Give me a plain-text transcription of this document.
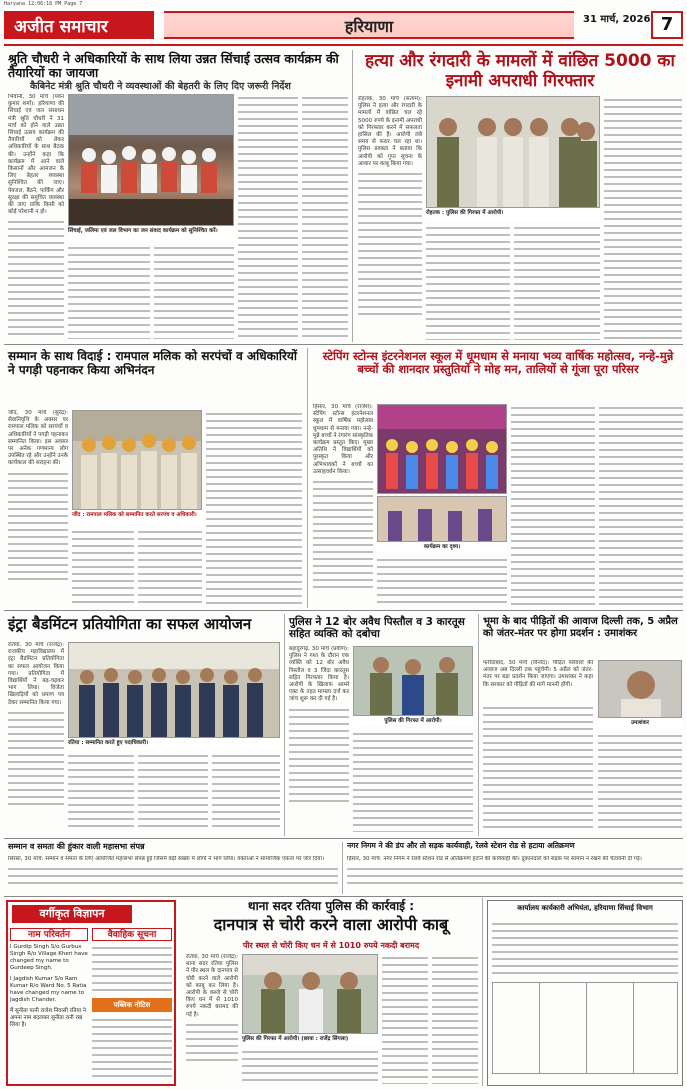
Haryana 12:06:18 PM Page 7
अजीत समाचार	हरियाणा	31 मार्च, 2026 7
श्रुति चौधरी ने अधिकारियों के साथ लिया उन्नत सिंचाई उत्सव कार्यक्रम की तैयारियों का जायजा
कैबिनेट मंत्री श्रुति चौधरी ने व्यवस्थाओं की बेहतरी के लिए दिए जरूरी निर्देश

भिवानी, 30 मार्च (पवन कुमार शर्मा): हरियाणा की सिंचाई एवं जल संसाधन मंत्री श्रुति चौधरी ने 31 मार्च को होने वाले उन्नत सिंचाई उत्सव कार्यक्रम की तैयारियों को लेकर अधिकारियों के साथ बैठक की। उन्होंने कहा कि कार्यक्रम में आने वाले किसानों और आमजन के लिए बेहतर व्यवस्था सुनिश्चित की जाए। पेयजल, बैठने, पार्किंग और सुरक्षा की समुचित व्यवस्था की जाए ताकि किसी को कोई परेशानी न हो।

सिंचाई, जलिमा एवं जल विभाग का जन संवाद कार्यक्रम को सुनिश्चित करें।
हत्या और रंगदारी के मामलों में वांछित 5000 का इनामी अपराधी गिरफ्तार

रोहतक, 30 मार्च (सत्यम): पुलिस ने हत्या और रंगदारी के मामलों में वांछित चल रहे 5000 रुपये के इनामी अपराधी को गिरफ्तार करने में सफलता हासिल की है। आरोपी लंबे समय से फरार चल रहा था। पुलिस प्रवक्ता ने बताया कि आरोपी को गुप्त सूचना के आधार पर काबू किया गया।

रोहतक : पुलिस की गिरफ्त में आरोपी।
सम्मान के साथ विदाई : रामपाल मलिक को सरपंचों व अधिकारियों ने पगड़ी पहनाकर किया अभिनंदन

जींद, 30 मार्च (सुरेंद्र): सेवानिवृत्ति के अवसर पर रामपाल मलिक को सरपंचों व अधिकारियों ने पगड़ी पहनाकर सम्मानित किया। इस अवसर पर अनेक गणमान्य लोग उपस्थित रहे और उन्होंने उनके कार्यकाल की सराहना की।

जींद : रामपाल मलिक को सम्मानित करते सरपंच व अधिकारी।
स्टेपिंग स्टोन्स इंटरनेशनल स्कूल में धूमधाम से मनाया भव्य वार्षिक महोत्सव, नन्हे-मुन्ने बच्चों की शानदार प्रस्तुतियों ने मोह मन, तालियों से गूंजा पूरा परिसर

हिसार, 30 मार्च (राजेश): स्टेपिंग स्टोन्स इंटरनेशनल स्कूल में वार्षिक महोत्सव धूमधाम से मनाया गया। नन्हे-मुन्ने बच्चों ने रंगारंग सांस्कृतिक कार्यक्रम प्रस्तुत किए। मुख्य अतिथि ने विद्यार्थियों को पुरस्कृत किया और अभिभावकों ने बच्चों का उत्साहवर्धन किया।

कार्यक्रम का दृश्य।
इंट्रा बैडमिंटन प्रतियोगिता का सफल आयोजन

रतिया, 30 मार्च (राजेंद्र): राजकीय महाविद्यालय में इंट्रा बैडमिंटन प्रतियोगिता का सफल आयोजन किया गया। प्रतियोगिता में विद्यार्थियों ने बढ़-चढ़कर भाग लिया। विजेता खिलाड़ियों को प्रमाण पत्र देकर सम्मानित किया गया।

रतिया : सम्मानित करते हुए पदाधिकारी।
पुलिस ने 12 बोर अवैध पिस्तौल व 3 कारतूस सहित व्यक्ति को दबोचा

बहादुरगढ़, 30 मार्च (प्रवीण): पुलिस ने गश्त के दौरान एक व्यक्ति को 12 बोर अवैध पिस्तौल व 3 जिंदा कारतूस सहित गिरफ्तार किया है। आरोपी के खिलाफ आर्म्स एक्ट के तहत मामला दर्ज कर जांच शुरू कर दी गई है।

पुलिस की गिरफ्त में आरोपी।
भूमा के बाद पीड़ितों की आवाज दिल्ली तक, 5 अप्रैल को जंतर-मंतर पर होगा प्रदर्शन : उमाशंकर

फरीदाबाद, 30 मार्च (विनोद): पीड़ित परिवारों की आवाज अब दिल्ली तक पहुंचेगी। 5 अप्रैल को जंतर-मंतर पर बड़ा प्रदर्शन किया जाएगा। उमाशंकर ने कहा कि सरकार को पीड़ितों की मांगें माननी होंगी।

उमाशंकर
सम्मान व समता की हुंकार वाली महासभा संपन्न

सिरसा, 30 मार्च: सम्मान व समता के लिए आयोजित महासभा संपन्न हुई जिसमें बड़ी संख्या में लोगों ने भाग लिया। वक्ताओं ने सामाजिक एकता पर जोर दिया।

नगर निगम ने की डंप और तो सड़क कार्यवाही, रेलवे स्टेशन रोड से हटाया अतिक्रमण

हिसार, 30 मार्च: नगर निगम ने रेलवे स्टेशन रोड से अतिक्रमण हटाने की कार्यवाही की। दुकानदारों को सड़क पर सामान न रखने की चेतावनी दी गई।

वर्गीकृत विज्ञापन
नाम परिवर्तन	वैवाहिक सूचना

I Gurdip Singh S/o Gurbux Singh R/o Village Kheri have changed my name to Gurdeep Singh.

I Jagdish Kumar S/o Ram Kumar R/o Ward No. 5 Ratia have changed my name to Jagdish Chander.

मैं सुनीता पत्नी राजेश निवासी रतिया ने अपना नाम बदलकर सुनीता रानी रख लिया है।

पब्लिक नोटिस
थाना सदर रतिया पुलिस की कार्रवाई :
दानपात्र से चोरी करने वाला आरोपी काबू
पीर स्थल से चोरी किए धन में से 1010 रुपये नकदी बरामद

रतिया, 30 मार्च (राजेंद्र): थाना सदर रतिया पुलिस ने पीर स्थल के दानपात्र से चोरी करने वाले आरोपी को काबू कर लिया है। आरोपी के कब्जे से चोरी किए धन में से 1010 रुपये नकदी बरामद की गई है।

पुलिस की गिरफ्त में आरोपी। (छाया : राजेंद्र सिंगला)
कार्यालय कार्यकारी अभियंता, हरियाणा सिंचाई विभाग
